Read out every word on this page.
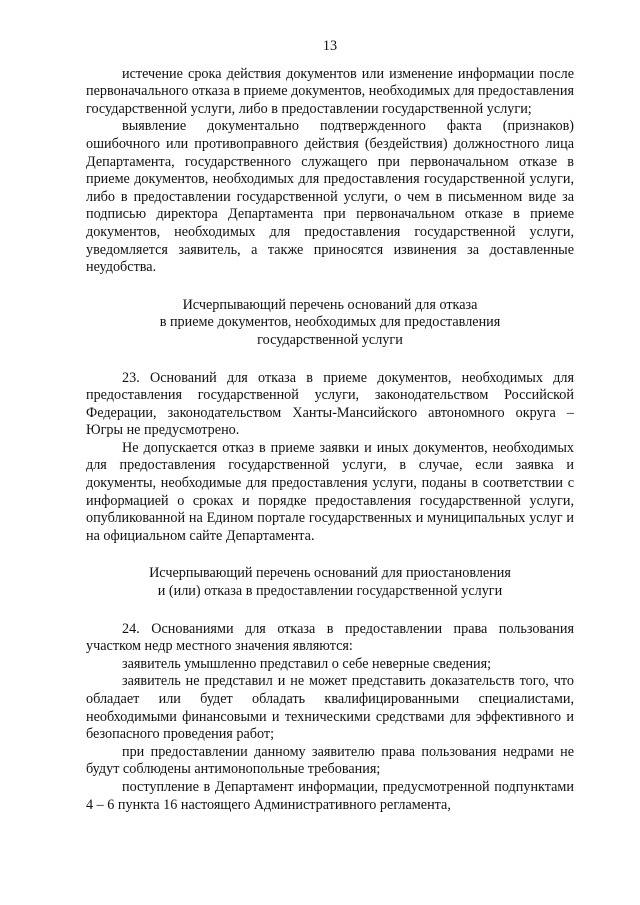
13

истечение срока действия документов или изменение информации после первоначального отказа в приеме документов, необходимых для предоставления государственной услуги, либо в предоставлении государственной услуги;

выявление документально подтвержденного факта (признаков) ошибочного или противоправного действия (бездействия) должностного лица Департамента, государственного служащего при первоначальном отказе в приеме документов, необходимых для предоставления государственной услуги, либо в предоставлении государственной услуги, о чем в письменном виде за подписью директора Департамента при первоначальном отказе в приеме документов, необходимых для предоставления государственной услуги, уведомляется заявитель, а также приносятся извинения за доставленные неудобства.

Исчерпывающий перечень оснований для отказа
в приеме документов, необходимых для предоставления
государственной услуги

23. Оснований для отказа в приеме документов, необходимых для предоставления государственной услуги, законодательством Российской Федерации, законодательством Ханты-Мансийского автономного округа – Югры не предусмотрено.

Не допускается отказ в приеме заявки и иных документов, необходимых для предоставления государственной услуги, в случае, если заявка и документы, необходимые для предоставления услуги, поданы в соответствии с информацией о сроках и порядке предоставления государственной услуги, опубликованной на Едином портале государственных и муниципальных услуг и на официальном сайте Департамента.

Исчерпывающий перечень оснований для приостановления
и (или) отказа в предоставлении государственной услуги

24. Основаниями для отказа в предоставлении права пользования участком недр местного значения являются:

заявитель умышленно представил о себе неверные сведения;

заявитель не представил и не может представить доказательств того, что обладает или будет обладать квалифицированными специалистами, необходимыми финансовыми и техническими средствами для эффективного и безопасного проведения работ;

при предоставлении данному заявителю права пользования недрами не будут соблюдены антимонопольные требования;

поступление в Департамент информации, предусмотренной подпунктами 4 – 6 пункта 16 настоящего Административного регламента,
